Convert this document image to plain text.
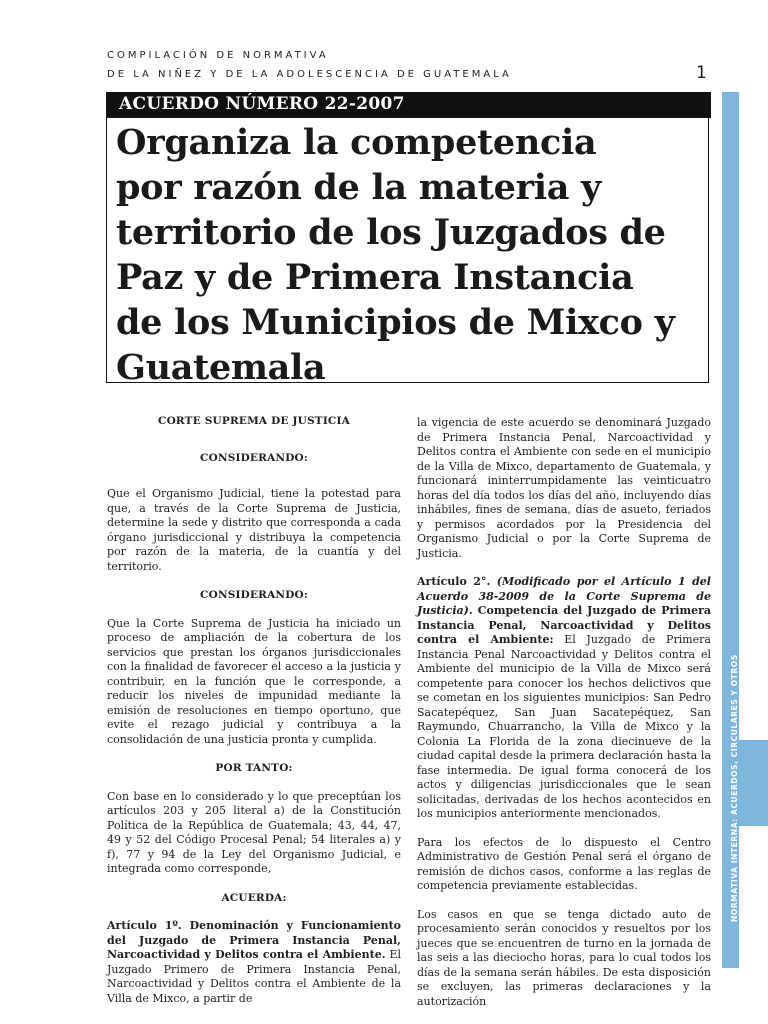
COMPILACIÓN DE NORMATIVA
DE LA NIÑEZ Y DE LA ADOLESCENCIA DE GUATEMALA	1
ACUERDO NÚMERO 22-2007
Organiza la competencia
por razón de la materia y
territorio de los Juzgados de
Paz y de Primera Instancia
de los Municipios de Mixco y
Guatemala
CORTE SUPREMA DE JUSTICIA
CONSIDERANDO:

Que el Organismo Judicial, tiene la potestad para que, a través de la Corte Suprema de Justicia, determine la sede y distrito que corresponda a cada órgano jurisdiccional y distribuya la competencia por razón de la materia, de la cuantía y del territorio.

CONSIDERANDO:

Que la Corte Suprema de Justicia ha iniciado un proceso de ampliación de la cobertura de los servicios que prestan los órganos jurisdiccionales con la finalidad de favorecer el acceso a la justicia y contribuir, en la función que le corresponde, a reducir los niveles de impunidad mediante la emisión de resoluciones en tiempo oportuno, que evite el rezago judicial y contribuya a la consolidación de una justicia pronta y cumplida.

POR TANTO:

Con base en lo considerado y lo que preceptúan los artículos 203 y 205 literal a) de la Constitución Política de la República de Guatemala; 43, 44, 47, 49 y 52 del Código Procesal Penal; 54 literales a) y f), 77 y 94 de la Ley del Organismo Judicial, e integrada como corresponde,

ACUERDA:

Artículo 1º. Denominación y Funcionamiento del Juzgado de Primera Instancia Penal, Narcoactividad y Delitos contra el Ambiente. El Juzgado Primero de Primera Instancia Penal, Narcoactividad y Delitos contra el Ambiente de la Villa de Mixco, a partir de

la vigencia de este acuerdo se denominará Juzgado de Primera Instancia Penal, Narcoactividad y Delitos contra el Ambiente con sede en el municipio de la Villa de Mixco, departamento de Guatemala, y funcionará ininterrumpidamente las veinticuatro horas del día todos los días del año, incluyendo días inhábiles, fines de semana, días de asueto, feriados y permisos acordados por la Presidencia del Organismo Judicial o por la Corte Suprema de Justicia.

Artículo 2°. (Modificado por el Artículo 1 del Acuerdo 38-2009 de la Corte Suprema de Justicia). Competencia del Juzgado de Primera Instancia Penal, Narcoactividad y Delitos contra el Ambiente: El Juzgado de Primera Instancia Penal Narcoactividad y Delitos contra el Ambiente del municipio de la Villa de Mixco será competente para conocer los hechos delictivos que se cometan en los siguientes municipios: San Pedro Sacatepéquez, San Juan Sacatepéquez, San Raymundo, Chuarrancho, la Villa de Mixco y la Colonia La Florida de la zona diecinueve de la ciudad capital desde la primera declaración hasta la fase intermedia. De igual forma conocerá de los actos y diligencias jurisdiccionales que le sean solicitadas, derivadas de los hechos acontecidos en los municipios anteriormente mencionados.

Para los efectos de lo dispuesto el Centro Administrativo de Gestión Penal será el órgano de remisión de dichos casos, conforme a las reglas de competencia previamente establecidas.

Los casos en que se tenga dictado auto de procesamiento serán conocidos y resueltos por los jueces que se encuentren de turno en la jornada de las seis a las dieciocho horas, para lo cual todos los días de la semana serán hábiles. De esta disposición se excluyen, las primeras declaraciones y la autorización

NORMATIVA INTERNA: ACUERDOS, CIRCULARES Y OTROS
